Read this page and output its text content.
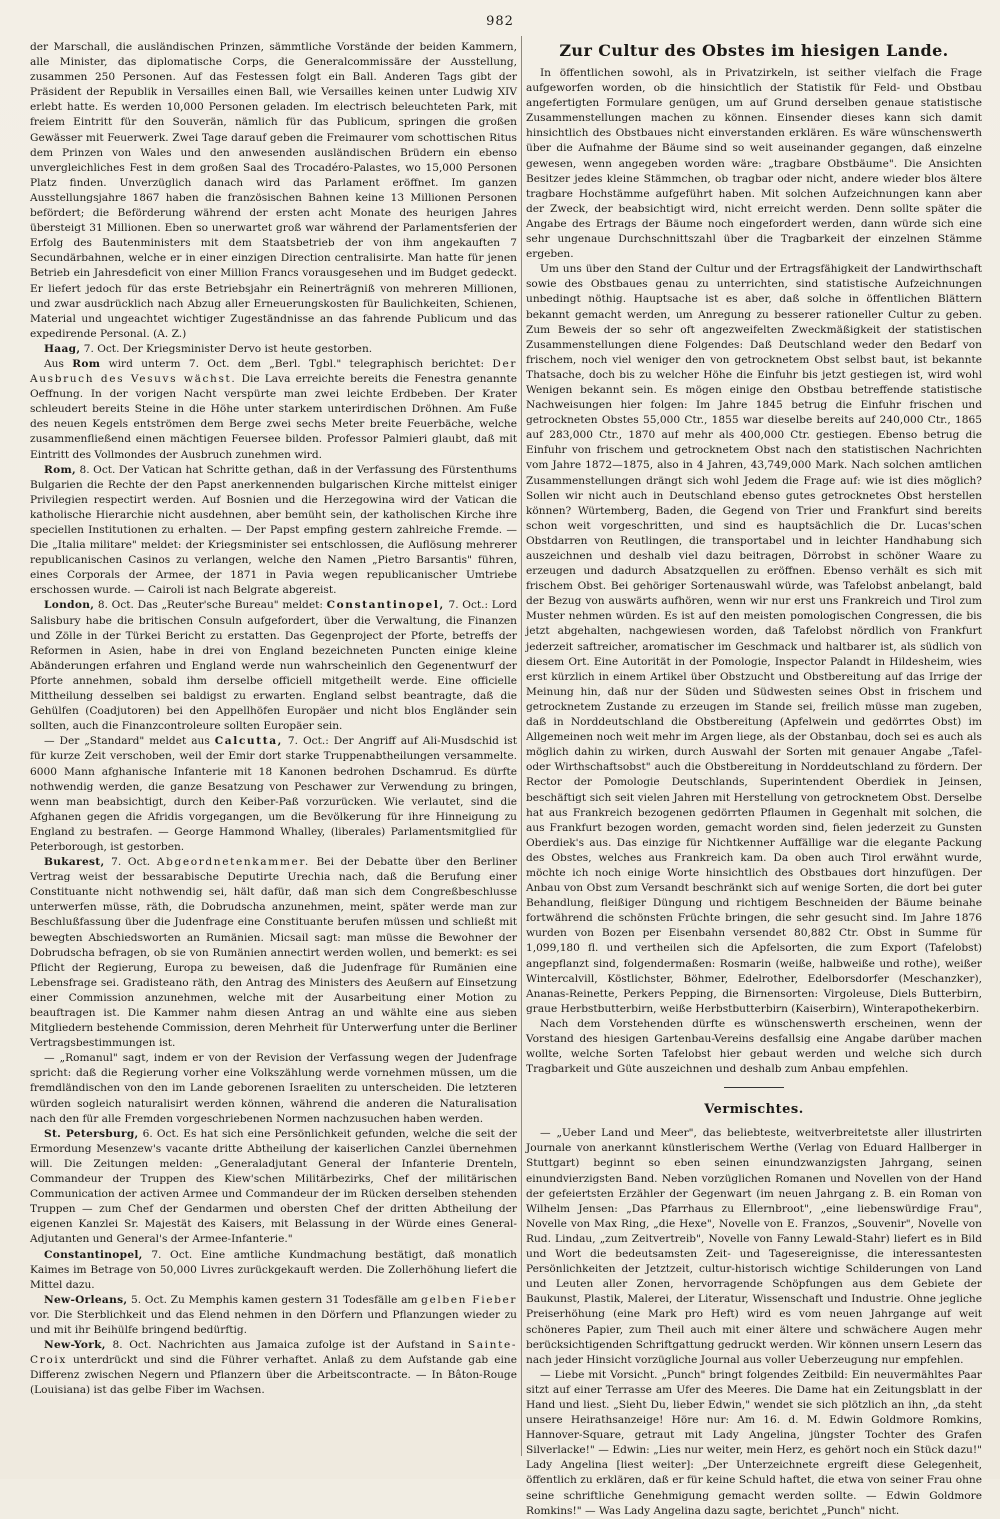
982

der Marschall, die ausländischen Prinzen, sämmtliche Vorstände der beiden Kammern, alle Minister, das diplomatische Corps, die Generalcommissäre der Ausstellung, zusammen 250 Personen. Auf das Festessen folgt ein Ball. Anderen Tags gibt der Präsident der Republik in Versailles einen Ball, wie Versailles keinen unter Ludwig XIV erlebt hatte. Es werden 10,000 Personen geladen. Im electrisch beleuchteten Park, mit freiem Eintritt für den Souverän, nämlich für das Publicum, springen die großen Gewässer mit Feuerwerk. Zwei Tage darauf geben die Freimaurer vom schottischen Ritus dem Prinzen von Wales und den anwesenden ausländischen Brüdern ein ebenso unvergleichliches Fest in dem großen Saal des Trocadéro-Palastes, wo 15,000 Personen Platz finden. Unverzüglich danach wird das Parlament eröffnet. Im ganzen Ausstellungsjahre 1867 haben die französischen Bahnen keine 13 Millionen Personen befördert; die Beförderung während der ersten acht Monate des heurigen Jahres übersteigt 31 Millionen. Eben so unerwartet groß war während der Parlamentsferien der Erfolg des Bautenministers mit dem Staatsbetrieb der von ihm angekauften 7 Secundärbahnen, welche er in einer einzigen Direction centralisirte. Man hatte für jenen Betrieb ein Jahresdeficit von einer Million Francs vorausgesehen und im Budget gedeckt. Er liefert jedoch für das erste Betriebsjahr ein Reinerträgniß von mehreren Millionen, und zwar ausdrücklich nach Abzug aller Erneuerungskosten für Baulichkeiten, Schienen, Material und ungeachtet wichtiger Zugeständnisse an das fahrende Publicum und das expedirende Personal. (A. Z.)

Haag, 7. Oct. Der Kriegsminister Dervo ist heute gestorben.

Aus Rom wird unterm 7. Oct. dem „Berl. Tgbl." telegraphisch berichtet: Der Ausbruch des Vesuvs wächst. Die Lava erreichte bereits die Fenestra genannte Oeffnung. In der vorigen Nacht verspürte man zwei leichte Erdbeben. Der Krater schleudert bereits Steine in die Höhe unter starkem unterirdischen Dröhnen. Am Fuße des neuen Kegels entströmen dem Berge zwei sechs Meter breite Feuerbäche, welche zusammenfließend einen mächtigen Feuersee bilden. Professor Palmieri glaubt, daß mit Eintritt des Vollmondes der Ausbruch zunehmen wird.

Rom, 8. Oct. Der Vatican hat Schritte gethan, daß in der Verfassung des Fürstenthums Bulgarien die Rechte der den Papst anerkennenden bulgarischen Kirche mittelst einiger Privilegien respectirt werden. Auf Bosnien und die Herzegowina wird der Vatican die katholische Hierarchie nicht ausdehnen, aber bemüht sein, der katholischen Kirche ihre speciellen Institutionen zu erhalten. — Der Papst empfing gestern zahlreiche Fremde. — Die „Italia militare" meldet: der Kriegsminister sei entschlossen, die Auflösung mehrerer republicanischen Casinos zu verlangen, welche den Namen „Pietro Barsantis" führen, eines Corporals der Armee, der 1871 in Pavia wegen republicanischer Umtriebe erschossen wurde. — Cairoli ist nach Belgrate abgereist.

London, 8. Oct. Das „Reuter'sche Bureau" meldet: Constantinopel, 7. Oct.: Lord Salisbury habe die britischen Consuln aufgefordert, über die Verwaltung, die Finanzen und Zölle in der Türkei Bericht zu erstatten. Das Gegenproject der Pforte, betreffs der Reformen in Asien, habe in drei von England bezeichneten Puncten einige kleine Abänderungen erfahren und England werde nun wahrscheinlich den Gegenentwurf der Pforte annehmen, sobald ihm derselbe officiell mitgetheilt werde. Eine officielle Mittheilung desselben sei baldigst zu erwarten. England selbst beantragte, daß die Gehülfen (Coadjutoren) bei den Appellhöfen Europäer und nicht blos Engländer sein sollten, auch die Finanzcontroleure sollten Europäer sein.

— Der „Standard" meldet aus Calcutta, 7. Oct.: Der Angriff auf Ali-Musdschid ist für kurze Zeit verschoben, weil der Emir dort starke Truppenabtheilungen versammelte. 6000 Mann afghanische Infanterie mit 18 Kanonen bedrohen Dschamrud. Es dürfte nothwendig werden, die ganze Besatzung von Peschawer zur Verwendung zu bringen, wenn man beabsichtigt, durch den Keiber-Paß vorzurücken. Wie verlautet, sind die Afghanen gegen die Afridis vorgegangen, um die Bevölkerung für ihre Hinneigung zu England zu bestrafen. — George Hammond Whalley, (liberales) Parlamentsmitglied für Peterborough, ist gestorben.

Bukarest, 7. Oct. Abgeordnetenkammer. Bei der Debatte über den Berliner Vertrag weist der bessarabische Deputirte Urechia nach, daß die Berufung einer Constituante nicht nothwendig sei, hält dafür, daß man sich dem Congreßbeschlusse unterwerfen müsse, räth, die Dobrudscha anzunehmen, meint, später werde man zur Beschlußfassung über die Judenfrage eine Constituante berufen müssen und schließt mit bewegten Abschiedsworten an Rumänien. Micsail sagt: man müsse die Bewohner der Dobrudscha befragen, ob sie von Rumänien annectirt werden wollen, und bemerkt: es sei Pflicht der Regierung, Europa zu beweisen, daß die Judenfrage für Rumänien eine Lebensfrage sei. Gradisteano räth, den Antrag des Ministers des Aeußern auf Einsetzung einer Commission anzunehmen, welche mit der Ausarbeitung einer Motion zu beauftragen ist. Die Kammer nahm diesen Antrag an und wählte eine aus sieben Mitgliedern bestehende Commission, deren Mehrheit für Unterwerfung unter die Berliner Vertragsbestimmungen ist.

— „Romanul" sagt, indem er von der Revision der Verfassung wegen der Judenfrage spricht: daß die Regierung vorher eine Volkszählung werde vornehmen müssen, um die fremdländischen von den im Lande geborenen Israeliten zu unterscheiden. Die letzteren würden sogleich naturalisirt werden können, während die anderen die Naturalisation nach den für alle Fremden vorgeschriebenen Normen nachzusuchen haben werden.

St. Petersburg, 6. Oct. Es hat sich eine Persönlichkeit gefunden, welche die seit der Ermordung Mesenzew's vacante dritte Abtheilung der kaiserlichen Canzlei übernehmen will. Die Zeitungen melden: „Generaladjutant General der Infanterie Drenteln, Commandeur der Truppen des Kiew'schen Militärbezirks, Chef der militärischen Communication der activen Armee und Commandeur der im Rücken derselben stehenden Truppen — zum Chef der Gendarmen und obersten Chef der dritten Abtheilung der eigenen Kanzlei Sr. Majestät des Kaisers, mit Belassung in der Würde eines General-Adjutanten und General's der Armee-Infanterie."

Constantinopel, 7. Oct. Eine amtliche Kundmachung bestätigt, daß monatlich Kaimes im Betrage von 50,000 Livres zurückgekauft werden. Die Zollerhöhung liefert die Mittel dazu.

New-Orleans, 5. Oct. Zu Memphis kamen gestern 31 Todesfälle am gelben Fieber vor. Die Sterblichkeit und das Elend nehmen in den Dörfern und Pflanzungen wieder zu und mit ihr Beihülfe bringend bedürftig.

New-York, 8. Oct. Nachrichten aus Jamaica zufolge ist der Aufstand in Sainte-Croix unterdrückt und sind die Führer verhaftet. Anlaß zu dem Aufstande gab eine Differenz zwischen Negern und Pflanzern über die Arbeitscontracte. — In Bâton-Rouge (Louisiana) ist das gelbe Fiber im Wachsen.

Zur Cultur des Obstes im hiesigen Lande.

In öffentlichen sowohl, als in Privatzirkeln, ist seither vielfach die Frage aufgeworfen worden, ob die hinsichtlich der Statistik für Feld- und Obstbau angefertigten Formulare genügen, um auf Grund derselben genaue statistische Zusammenstellungen machen zu können. Einsender dieses kann sich damit hinsichtlich des Obstbaues nicht einverstanden erklären. Es wäre wünschenswerth über die Aufnahme der Bäume sind so weit auseinander gegangen, daß einzelne gewesen, wenn angegeben worden wäre: „tragbare Obstbäume". Die Ansichten Besitzer jedes kleine Stämmchen, ob tragbar oder nicht, andere wieder blos ältere tragbare Hochstämme aufgeführt haben. Mit solchen Aufzeichnungen kann aber der Zweck, der beabsichtigt wird, nicht erreicht werden. Denn sollte später die Angabe des Ertrags der Bäume noch eingefordert werden, dann würde sich eine sehr ungenaue Durchschnittszahl über die Tragbarkeit der einzelnen Stämme ergeben.

Um uns über den Stand der Cultur und der Ertragsfähigkeit der Landwirthschaft sowie des Obstbaues genau zu unterrichten, sind statistische Aufzeichnungen unbedingt nöthig. Hauptsache ist es aber, daß solche in öffentlichen Blättern bekannt gemacht werden, um Anregung zu besserer rationeller Cultur zu geben. Zum Beweis der so sehr oft angezweifelten Zweckmäßigkeit der statistischen Zusammenstellungen diene Folgendes: Daß Deutschland weder den Bedarf von frischem, noch viel weniger den von getrocknetem Obst selbst baut, ist bekannte Thatsache, doch bis zu welcher Höhe die Einfuhr bis jetzt gestiegen ist, wird wohl Wenigen bekannt sein. Es mögen einige den Obstbau betreffende statistische Nachweisungen hier folgen: Im Jahre 1845 betrug die Einfuhr frischen und getrockneten Obstes 55,000 Ctr., 1855 war dieselbe bereits auf 240,000 Ctr., 1865 auf 283,000 Ctr., 1870 auf mehr als 400,000 Ctr. gestiegen. Ebenso betrug die Einfuhr von frischem und getrocknetem Obst nach den statistischen Nachrichten vom Jahre 1872—1875, also in 4 Jahren, 43,749,000 Mark. Nach solchen amtlichen Zusammenstellungen drängt sich wohl Jedem die Frage auf: wie ist dies möglich? Sollen wir nicht auch in Deutschland ebenso gutes getrocknetes Obst herstellen können? Würtemberg, Baden, die Gegend von Trier und Frankfurt sind bereits schon weit vorgeschritten, und sind es hauptsächlich die Dr. Lucas'schen Obstdarren von Reutlingen, die transportabel und in leichter Handhabung sich auszeichnen und deshalb viel dazu beitragen, Dörrobst in schöner Waare zu erzeugen und dadurch Absatzquellen zu eröffnen. Ebenso verhält es sich mit frischem Obst. Bei gehöriger Sortenauswahl würde, was Tafelobst anbelangt, bald der Bezug von auswärts aufhören, wenn wir nur erst uns Frankreich und Tirol zum Muster nehmen würden. Es ist auf den meisten pomologischen Congressen, die bis jetzt abgehalten, nachgewiesen worden, daß Tafelobst nördlich von Frankfurt jederzeit saftreicher, aromatischer im Geschmack und haltbarer ist, als südlich von diesem Ort. Eine Autorität in der Pomologie, Inspector Palandt in Hildesheim, wies erst kürzlich in einem Artikel über Obstzucht und Obstbereitung auf das Irrige der Meinung hin, daß nur der Süden und Südwesten seines Obst in frischem und getrocknetem Zustande zu erzeugen im Stande sei, freilich müsse man zugeben, daß in Norddeutschland die Obstbereitung (Apfelwein und gedörrtes Obst) im Allgemeinen noch weit mehr im Argen liege, als der Obstanbau, doch sei es auch als möglich dahin zu wirken, durch Auswahl der Sorten mit genauer Angabe „Tafel- oder Wirthschaftsobst" auch die Obstbereitung in Norddeutschland zu fördern. Der Rector der Pomologie Deutschlands, Superintendent Oberdiek in Jeinsen, beschäftigt sich seit vielen Jahren mit Herstellung von getrocknetem Obst. Derselbe hat aus Frankreich bezogenen gedörrten Pflaumen in Gegenhalt mit solchen, die aus Frankfurt bezogen worden, gemacht worden sind, fielen jederzeit zu Gunsten Oberdiek's aus. Das einzige für Nichtkenner Auffällige war die elegante Packung des Obstes, welches aus Frankreich kam. Da oben auch Tirol erwähnt wurde, möchte ich noch einige Worte hinsichtlich des Obstbaues dort hinzufügen. Der Anbau von Obst zum Versandt beschränkt sich auf wenige Sorten, die dort bei guter Behandlung, fleißiger Düngung und richtigem Beschneiden der Bäume beinahe fortwährend die schönsten Früchte bringen, die sehr gesucht sind. Im Jahre 1876 wurden von Bozen per Eisenbahn versendet 80,882 Ctr. Obst in Summe für 1,099,180 fl. und vertheilen sich die Apfelsorten, die zum Export (Tafelobst) angepflanzt sind, folgendermaßen: Rosmarin (weiße, halbweiße und rothe), weißer Wintercalvill, Köstlichster, Böhmer, Edelrother, Edelborsdorfer (Meschanzker), Ananas-Reinette, Perkers Pepping, die Birnensorten: Virgoleuse, Diels Butterbirn, graue Herbstbutterbirn, weiße Herbstbutterbirn (Kaiserbirn), Winterapothekerbirn.

Nach dem Vorstehenden dürfte es wünschenswerth erscheinen, wenn der Vorstand des hiesigen Gartenbau-Vereins desfallsig eine Angabe darüber machen wollte, welche Sorten Tafelobst hier gebaut werden und welche sich durch Tragbarkeit und Güte auszeichnen und deshalb zum Anbau empfehlen.

Vermischtes.

— „Ueber Land und Meer", das beliebteste, weitverbreitetste aller illustrirten Journale von anerkannt künstlerischem Werthe (Verlag von Eduard Hallberger in Stuttgart) beginnt so eben seinen einundzwanzigsten Jahrgang, seinen einundvierzigsten Band. Neben vorzüglichen Romanen und Novellen von der Hand der gefeiertsten Erzähler der Gegenwart (im neuen Jahrgang z. B. ein Roman von Wilhelm Jensen: „Das Pfarrhaus zu Ellernbroot", „eine liebenswürdige Frau", Novelle von Max Ring, „die Hexe", Novelle von E. Franzos, „Souvenir", Novelle von Rud. Lindau, „zum Zeitvertreib", Novelle von Fanny Lewald-Stahr) liefert es in Bild und Wort die bedeutsamsten Zeit- und Tagesereignisse, die interessantesten Persönlichkeiten der Jetztzeit, cultur-historisch wichtige Schilderungen von Land und Leuten aller Zonen, hervorragende Schöpfungen aus dem Gebiete der Baukunst, Plastik, Malerei, der Literatur, Wissenschaft und Industrie. Ohne jegliche Preiserhöhung (eine Mark pro Heft) wird es vom neuen Jahrgange auf weit schöneres Papier, zum Theil auch mit einer ältere und schwächere Augen mehr berücksichtigenden Schriftgattung gedruckt werden. Wir können unsern Lesern das nach jeder Hinsicht vorzügliche Journal aus voller Ueberzeugung nur empfehlen.

— Liebe mit Vorsicht. „Punch" bringt folgendes Zeitbild: Ein neuvermähltes Paar sitzt auf einer Terrasse am Ufer des Meeres. Die Dame hat ein Zeitungsblatt in der Hand und liest. „Sieht Du, lieber Edwin," wendet sie sich plötzlich an ihn, „da steht unsere Heirathsanzeige! Höre nur: Am 16. d. M. Edwin Goldmore Romkins, Hannover-Square, getraut mit Lady Angelina, jüngster Tochter des Grafen Silverlacke!" — Edwin: „Lies nur weiter, mein Herz, es gehört noch ein Stück dazu!" Lady Angelina [liest weiter]: „Der Unterzeichnete ergreift diese Gelegenheit, öffentlich zu erklären, daß er für keine Schuld haftet, die etwa von seiner Frau ohne seine schriftliche Genehmigung gemacht werden sollte. — Edwin Goldmore Romkins!" — Was Lady Angelina dazu sagte, berichtet „Punch" nicht.
